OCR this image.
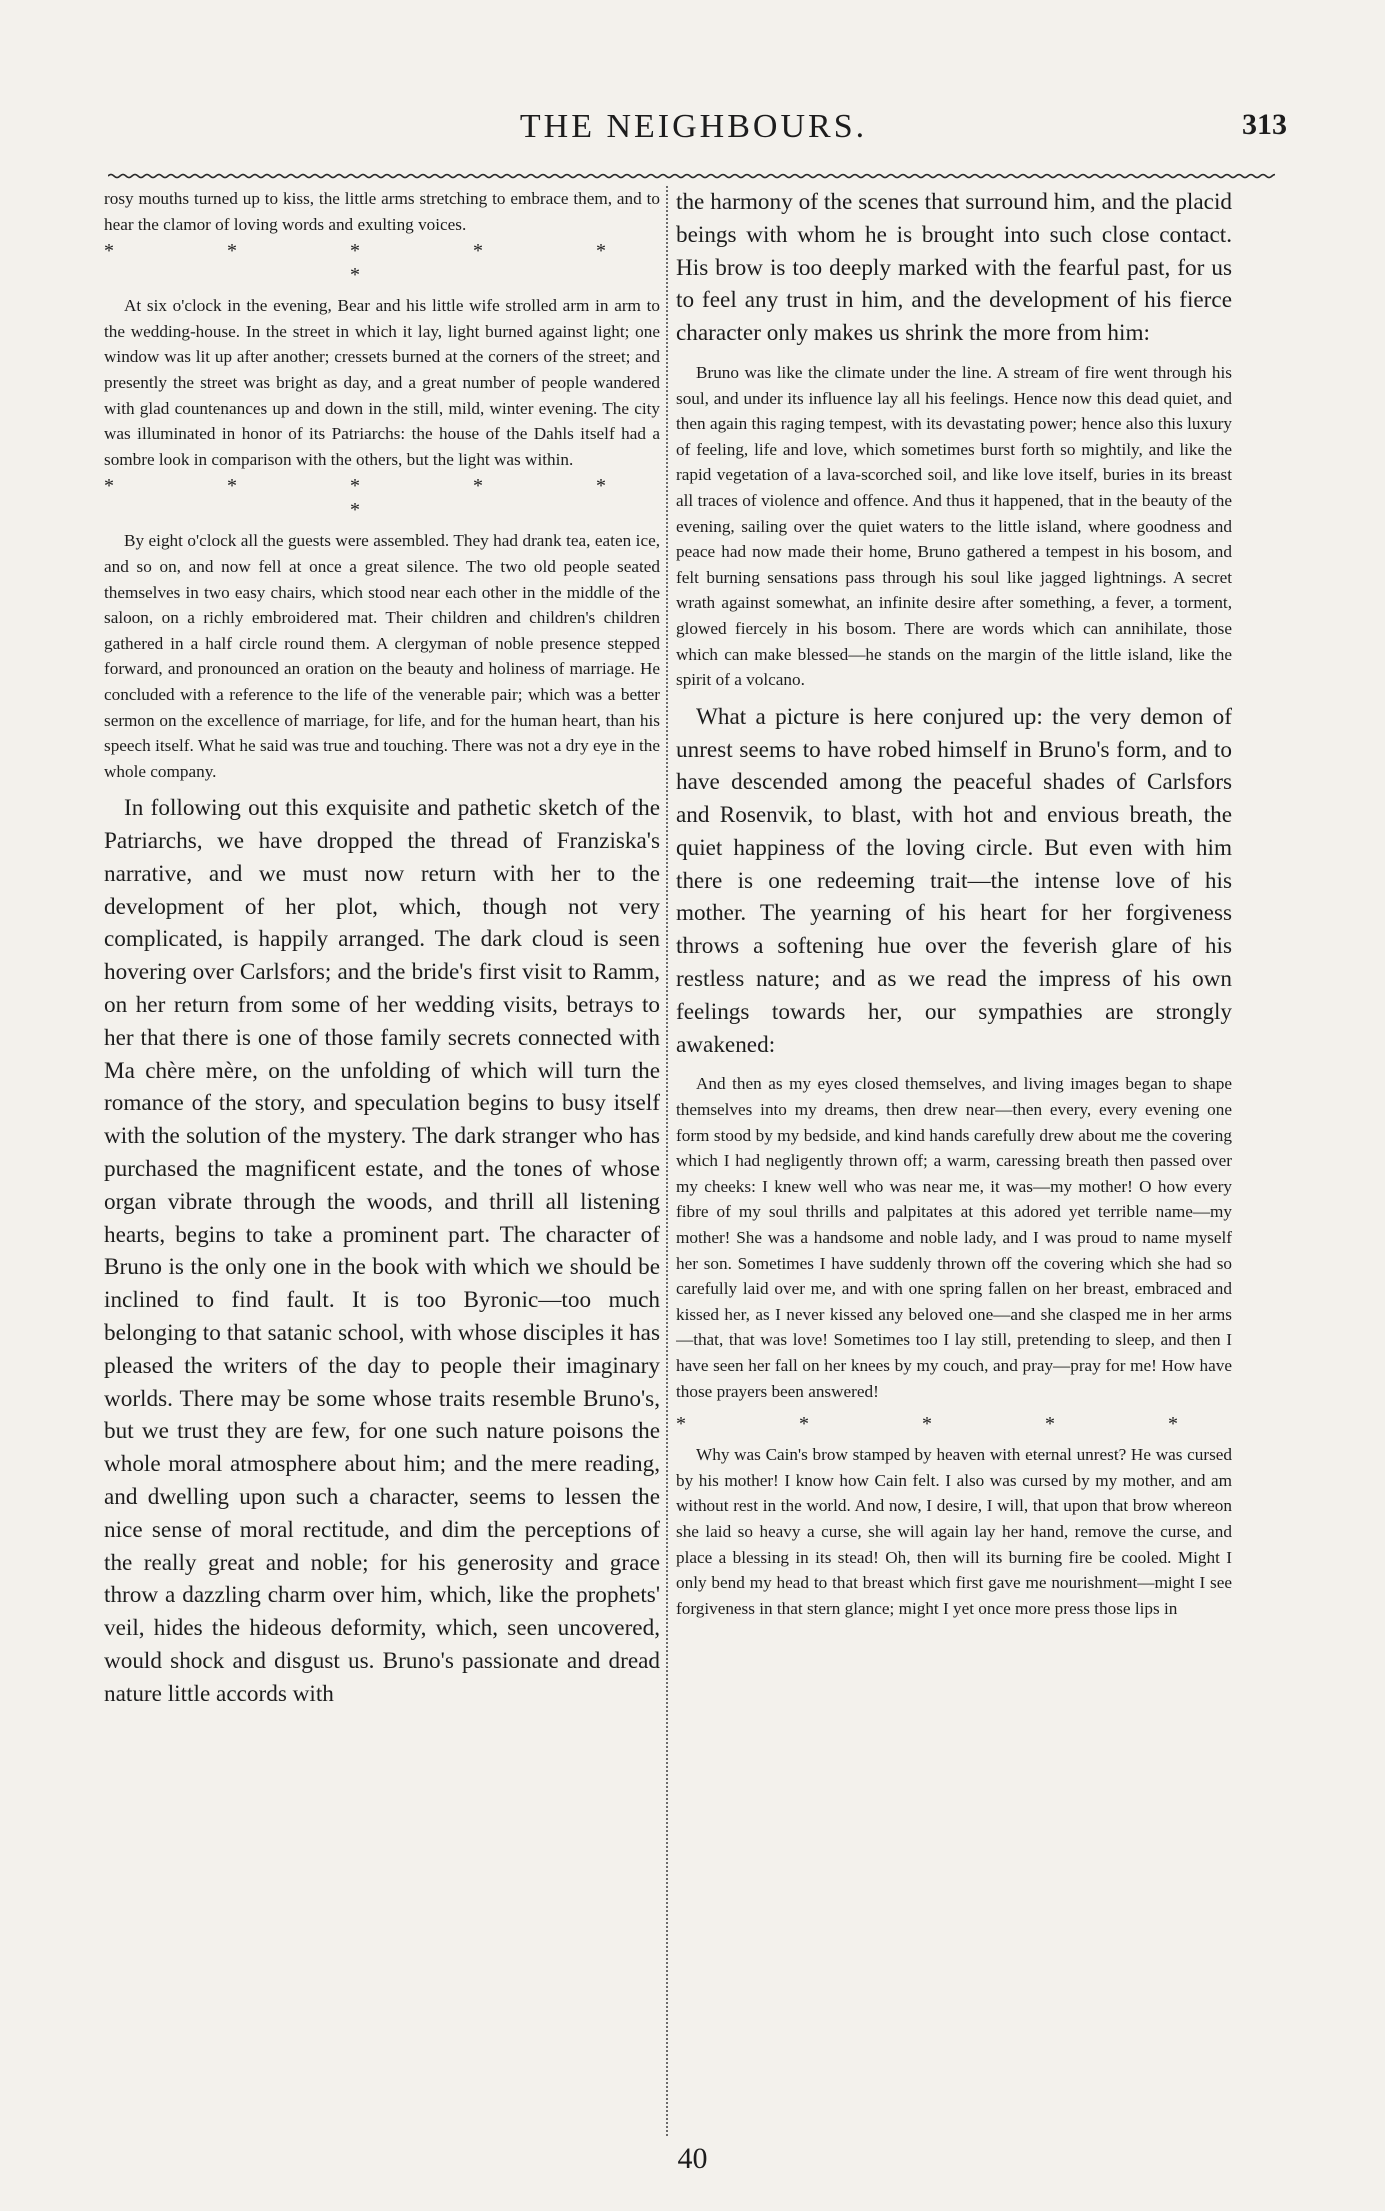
THE NEIGHBOURS.	313

rosy mouths turned up to kiss, the little arms stretching to embrace them, and to hear the clamor of loving words and exulting voices.

* * * * * *

At six o'clock in the evening, Bear and his little wife strolled arm in arm to the wedding-house. In the street in which it lay, light burned against light; one window was lit up after another; cressets burned at the corners of the street; and presently the street was bright as day, and a great number of people wandered with glad countenances up and down in the still, mild, winter evening. The city was illuminated in honor of its Patriarchs: the house of the Dahls itself had a sombre look in comparison with the others, but the light was within.

* * * * * *

By eight o'clock all the guests were assembled. They had drank tea, eaten ice, and so on, and now fell at once a great silence. The two old people seated themselves in two easy chairs, which stood near each other in the middle of the saloon, on a richly embroidered mat. Their children and children's children gathered in a half circle round them. A clergyman of noble presence stepped forward, and pronounced an oration on the beauty and holiness of marriage. He concluded with a reference to the life of the venerable pair; which was a better sermon on the excellence of marriage, for life, and for the human heart, than his speech itself. What he said was true and touching. There was not a dry eye in the whole company.

In following out this exquisite and pathetic sketch of the Patriarchs, we have dropped the thread of Franziska's narrative, and we must now return with her to the development of her plot, which, though not very complicated, is happily arranged. The dark cloud is seen hovering over Carlsfors; and the bride's first visit to Ramm, on her return from some of her wedding visits, betrays to her that there is one of those family secrets connected with Ma chère mère, on the unfolding of which will turn the romance of the story, and speculation begins to busy itself with the solution of the mystery. The dark stranger who has purchased the magnificent estate, and the tones of whose organ vibrate through the woods, and thrill all listening hearts, begins to take a prominent part. The character of Bruno is the only one in the book with which we should be inclined to find fault. It is too Byronic—too much belonging to that satanic school, with whose disciples it has pleased the writers of the day to people their imaginary worlds. There may be some whose traits resemble Bruno's, but we trust they are few, for one such nature poisons the whole moral atmosphere about him; and the mere reading, and dwelling upon such a character, seems to lessen the nice sense of moral rectitude, and dim the perceptions of the really great and noble; for his generosity and grace throw a dazzling charm over him, which, like the prophets' veil, hides the hideous deformity, which, seen uncovered, would shock and disgust us. Bruno's passionate and dread nature little accords with

the harmony of the scenes that surround him, and the placid beings with whom he is brought into such close contact. His brow is too deeply marked with the fearful past, for us to feel any trust in him, and the development of his fierce character only makes us shrink the more from him:

Bruno was like the climate under the line. A stream of fire went through his soul, and under its influence lay all his feelings. Hence now this dead quiet, and then again this raging tempest, with its devastating power; hence also this luxury of feeling, life and love, which sometimes burst forth so mightily, and like the rapid vegetation of a lava-scorched soil, and like love itself, buries in its breast all traces of violence and offence. And thus it happened, that in the beauty of the evening, sailing over the quiet waters to the little island, where goodness and peace had now made their home, Bruno gathered a tempest in his bosom, and felt burning sensations pass through his soul like jagged lightnings. A secret wrath against somewhat, an infinite desire after something, a fever, a torment, glowed fiercely in his bosom. There are words which can annihilate, those which can make blessed—he stands on the margin of the little island, like the spirit of a volcano.

What a picture is here conjured up: the very demon of unrest seems to have robed himself in Bruno's form, and to have descended among the peaceful shades of Carlsfors and Rosenvik, to blast, with hot and envious breath, the quiet happiness of the loving circle. But even with him there is one redeeming trait—the intense love of his mother. The yearning of his heart for her forgiveness throws a softening hue over the feverish glare of his restless nature; and as we read the impress of his own feelings towards her, our sympathies are strongly awakened:

And then as my eyes closed themselves, and living images began to shape themselves into my dreams, then drew near—then every, every evening one form stood by my bedside, and kind hands carefully drew about me the covering which I had negligently thrown off; a warm, caressing breath then passed over my cheeks: I knew well who was near me, it was—my mother! O how every fibre of my soul thrills and palpitates at this adored yet terrible name—my mother! She was a handsome and noble lady, and I was proud to name myself her son. Sometimes I have suddenly thrown off the covering which she had so carefully laid over me, and with one spring fallen on her breast, embraced and kissed her, as I never kissed any beloved one—and she clasped me in her arms—that, that was love! Sometimes too I lay still, pretending to sleep, and then I have seen her fall on her knees by my couch, and pray—pray for me! How have those prayers been answered!

* * * * *

Why was Cain's brow stamped by heaven with eternal unrest? He was cursed by his mother! I know how Cain felt. I also was cursed by my mother, and am without rest in the world. And now, I desire, I will, that upon that brow whereon she laid so heavy a curse, she will again lay her hand, remove the curse, and place a blessing in its stead! Oh, then will its burning fire be cooled. Might I only bend my head to that breast which first gave me nourishment—might I see forgiveness in that stern glance; might I yet once more press those lips in

40
